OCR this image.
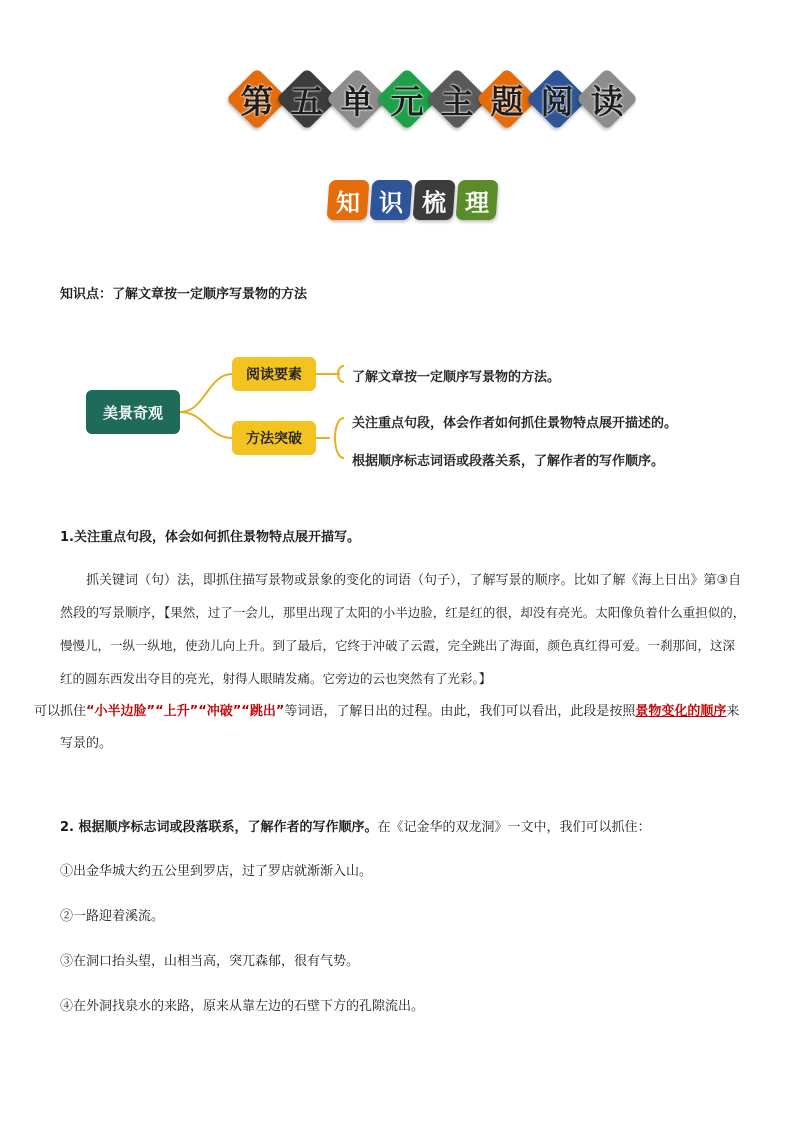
第 五 单 元 主 题 阅 读
知 识 梳 理
知识点：了解文章按一定顺序写景物的方法
美景奇观
阅读要素
方法突破
了解文章按一定顺序写景物的方法。
关注重点句段，体会作者如何抓住景物特点展开描述的。
根据顺序标志词语或段落关系，了解作者的写作顺序。
1.关注重点句段，体会如何抓住景物特点展开描写。
抓关键词（句）法，即抓住描写景物或景象的变化的词语（句子），了解写景的顺序。比如了解《海上日出》第③自然段的写景顺序，【果然，过了一会儿，那里出现了太阳的小半边脸，红是红的很，却没有亮光。太阳像负着什么重担似的，慢慢儿，一纵一纵地，使劲儿向上升。到了最后，它终于冲破了云霞，完全跳出了海面，颜色真红得可爱。一刹那间，这深红的圆东西发出夺目的亮光，射得人眼睛发痛。它旁边的云也突然有了光彩。】
可以抓住“小半边脸”“上升”“冲破”“跳出”等词语，了解日出的过程。由此，我们可以看出，此段是按照景物变化的顺序来写景的。
2. 根据顺序标志词或段落联系，了解作者的写作顺序。在《记金华的双龙洞》一文中，我们可以抓住：
①出金华城大约五公里到罗店，过了罗店就渐渐入山。
②一路迎着溪流。
③在洞口抬头望，山相当高，突兀森郁，很有气势。
④在外洞找泉水的来路，原来从靠左边的石壁下方的孔隙流出。
